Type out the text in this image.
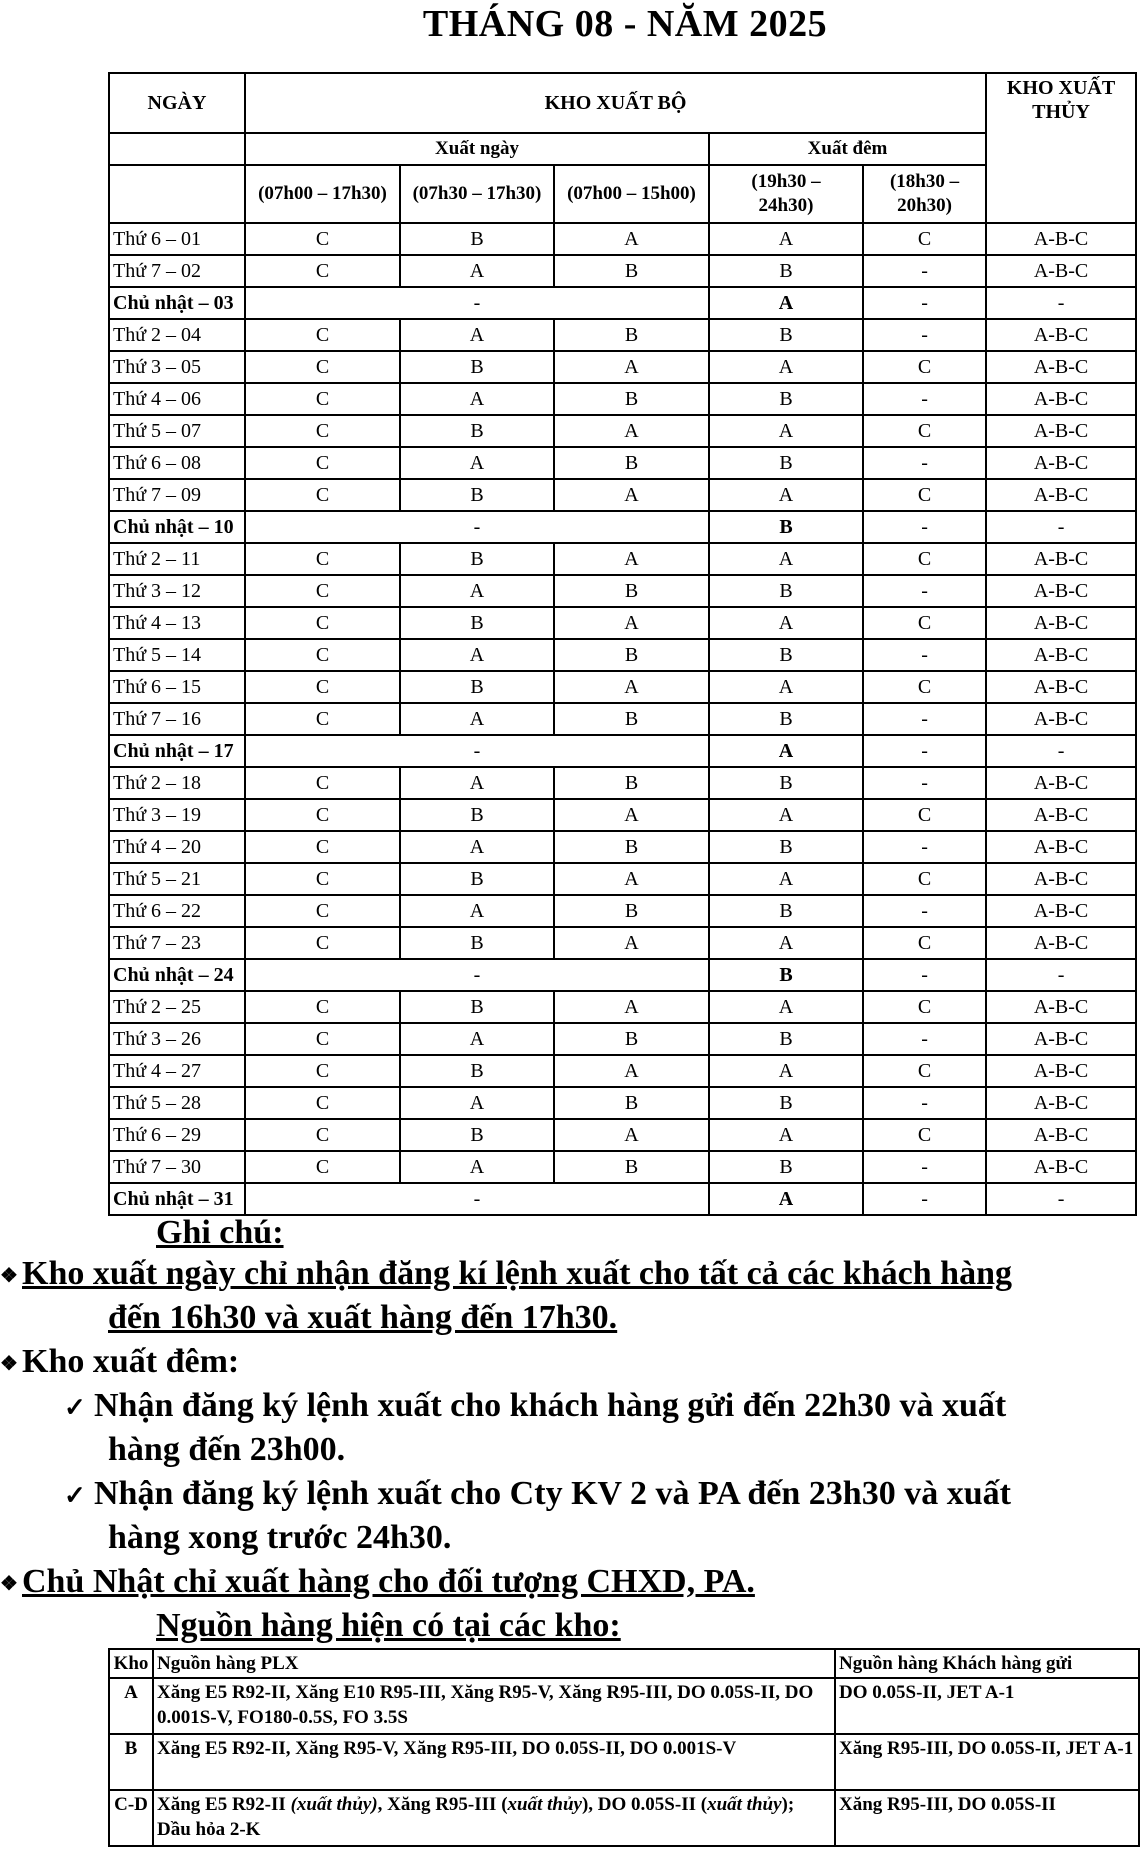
THÁNG 08 - NĂM 2025
NGÀY	KHO XUẤT BỘ					KHO XUẤT THỦY
	Xuất ngày			Xuất đêm		
	(07h00 – 17h30)	(07h30 – 17h30)	(07h00 – 15h00)	(19h30 – 24h30)	(18h30 – 20h30)	
Thứ 6 – 01	C	B	A	A	C	A-B-C
Thứ 7 – 02	C	A	B	B	-	A-B-C
Chủ nhật – 03	-			A	-	-
Thứ 2 – 04	C	A	B	B	-	A-B-C
Thứ 3 – 05	C	B	A	A	C	A-B-C
Thứ 4 – 06	C	A	B	B	-	A-B-C
Thứ 5 – 07	C	B	A	A	C	A-B-C
Thứ 6 – 08	C	A	B	B	-	A-B-C
Thứ 7 – 09	C	B	A	A	C	A-B-C
Chủ nhật – 10	-			B	-	-
Thứ 2 – 11	C	B	A	A	C	A-B-C
Thứ 3 – 12	C	A	B	B	-	A-B-C
Thứ 4 – 13	C	B	A	A	C	A-B-C
Thứ 5 – 14	C	A	B	B	-	A-B-C
Thứ 6 – 15	C	B	A	A	C	A-B-C
Thứ 7 – 16	C	A	B	B	-	A-B-C
Chủ nhật – 17	-			A	-	-
Thứ 2 – 18	C	A	B	B	-	A-B-C
Thứ 3 – 19	C	B	A	A	C	A-B-C
Thứ 4 – 20	C	A	B	B	-	A-B-C
Thứ 5 – 21	C	B	A	A	C	A-B-C
Thứ 6 – 22	C	A	B	B	-	A-B-C
Thứ 7 – 23	C	B	A	A	C	A-B-C
Chủ nhật – 24	-			B	-	-
Thứ 2 – 25	C	B	A	A	C	A-B-C
Thứ 3 – 26	C	A	B	B	-	A-B-C
Thứ 4 – 27	C	B	A	A	C	A-B-C
Thứ 5 – 28	C	A	B	B	-	A-B-C
Thứ 6 – 29	C	B	A	A	C	A-B-C
Thứ 7 – 30	C	A	B	B	-	A-B-C
Chủ nhật – 31	-			A	-	-
Ghi chú:
❖ Kho xuất ngày chỉ nhận đăng kí lệnh xuất cho tất cả các khách hàng
đến 16h30 và xuất hàng đến 17h30.
❖ Kho xuất đêm:
✓ Nhận đăng ký lệnh xuất cho khách hàng gửi đến 22h30 và xuất
hàng đến 23h00.
✓ Nhận đăng ký lệnh xuất cho Cty KV 2 và PA đến 23h30 và xuất
hàng xong trước 24h30.
❖ Chủ Nhật chỉ xuất hàng cho đối tượng CHXD, PA.
Nguồn hàng hiện có tại các kho:
Kho	Nguồn hàng PLX	Nguồn hàng Khách hàng gửi
A	Xăng E5 R92-II, Xăng E10 R95-III, Xăng R95-V, Xăng R95-III, DO 0.05S-II, DO 0.001S-V, FO180-0.5S, FO 3.5S	DO 0.05S-II, JET A-1
B	Xăng E5 R92-II, Xăng R95-V, Xăng R95-III, DO 0.05S-II, DO 0.001S-V	Xăng R95-III, DO 0.05S-II, JET A-1
C-D	Xăng E5 R92-II (xuất thủy), Xăng R95-III (xuất thủy), DO 0.05S-II (xuất thủy); Dầu hỏa 2-K	Xăng R95-III, DO 0.05S-II
